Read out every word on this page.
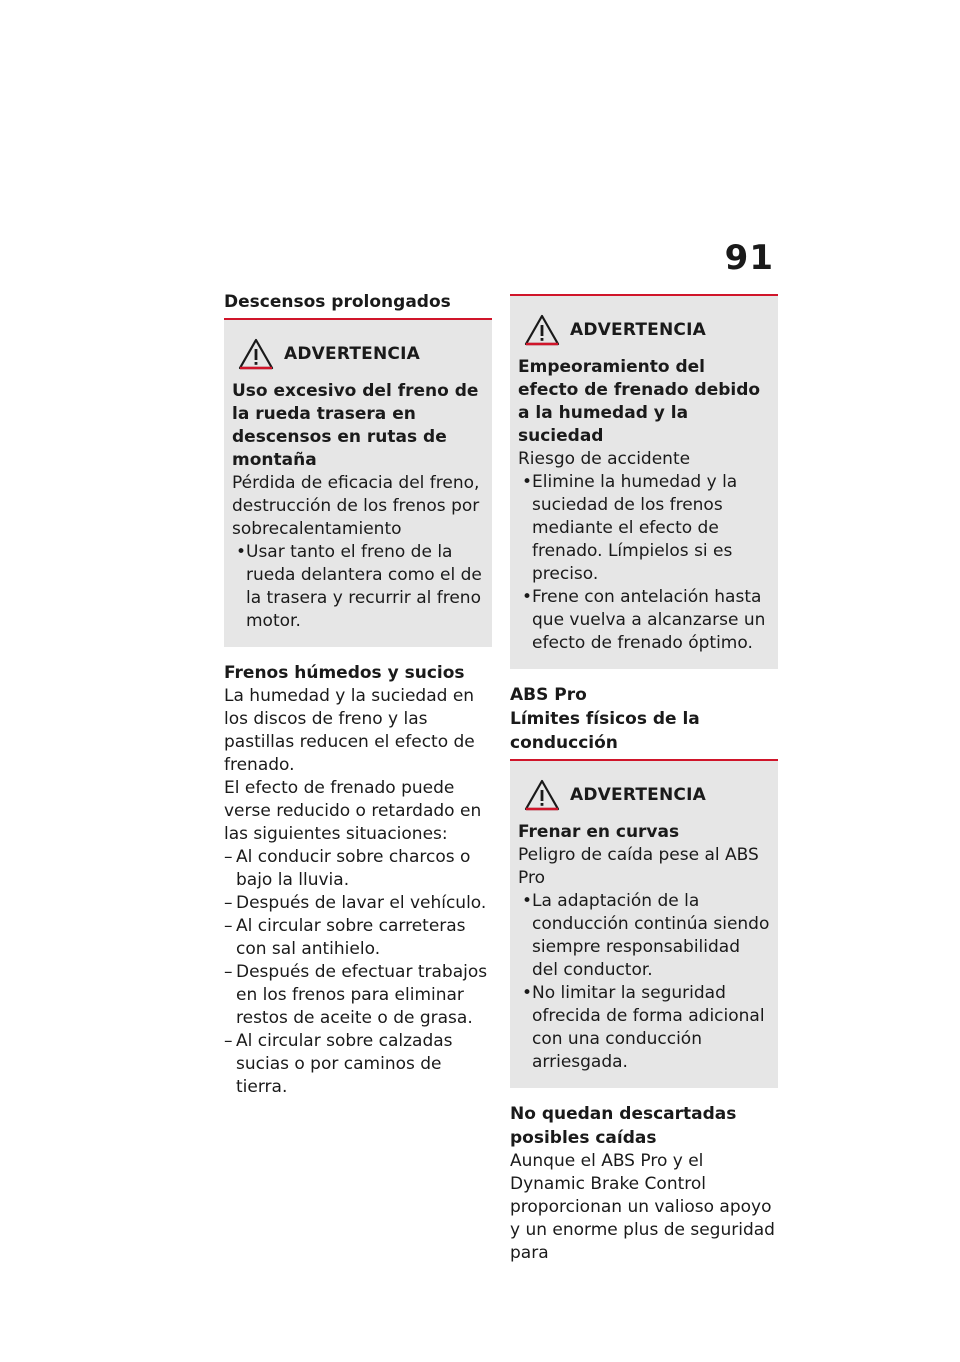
91
Descensos prolongados
ADVERTENCIA
Uso excesivo del freno de la rueda trasera en descensos en rutas de montaña
Pérdida de eficacia del freno, destrucción de los frenos por sobrecalentamiento
• Usar tanto el freno de la rueda delantera como el de la trasera y recurrir al freno motor.
Frenos húmedos y sucios

La humedad y la suciedad en los discos de freno y las pastillas reducen el efecto de frenado.

El efecto de frenado puede verse reducido o retardado en las siguientes situaciones:

– Al conducir sobre charcos o bajo la lluvia.
– Después de lavar el vehículo.
– Al circular sobre carreteras con sal antihielo.
– Después de efectuar trabajos en los frenos para eliminar restos de aceite o de grasa.
– Al circular sobre calzadas sucias o por caminos de tierra.
ADVERTENCIA
Empeoramiento del efecto de frenado debido a la humedad y la suciedad
Riesgo de accidente
• Elimine la humedad y la suciedad de los frenos mediante el efecto de frenado. Límpielos si es preciso.
• Frene con antelación hasta que vuelva a alcanzarse un efecto de frenado óptimo.
ABS Pro
Límites físicos de la conducción
ADVERTENCIA
Frenar en curvas
Peligro de caída pese al ABS Pro
• La adaptación de la conducción continúa siendo siempre responsabilidad del conductor.
• No limitar la seguridad ofrecida de forma adicional con una conducción arriesgada.
No quedan descartadas posibles caídas

Aunque el ABS Pro y el Dynamic Brake Control proporcionan un valioso apoyo y un enorme plus de seguridad para
